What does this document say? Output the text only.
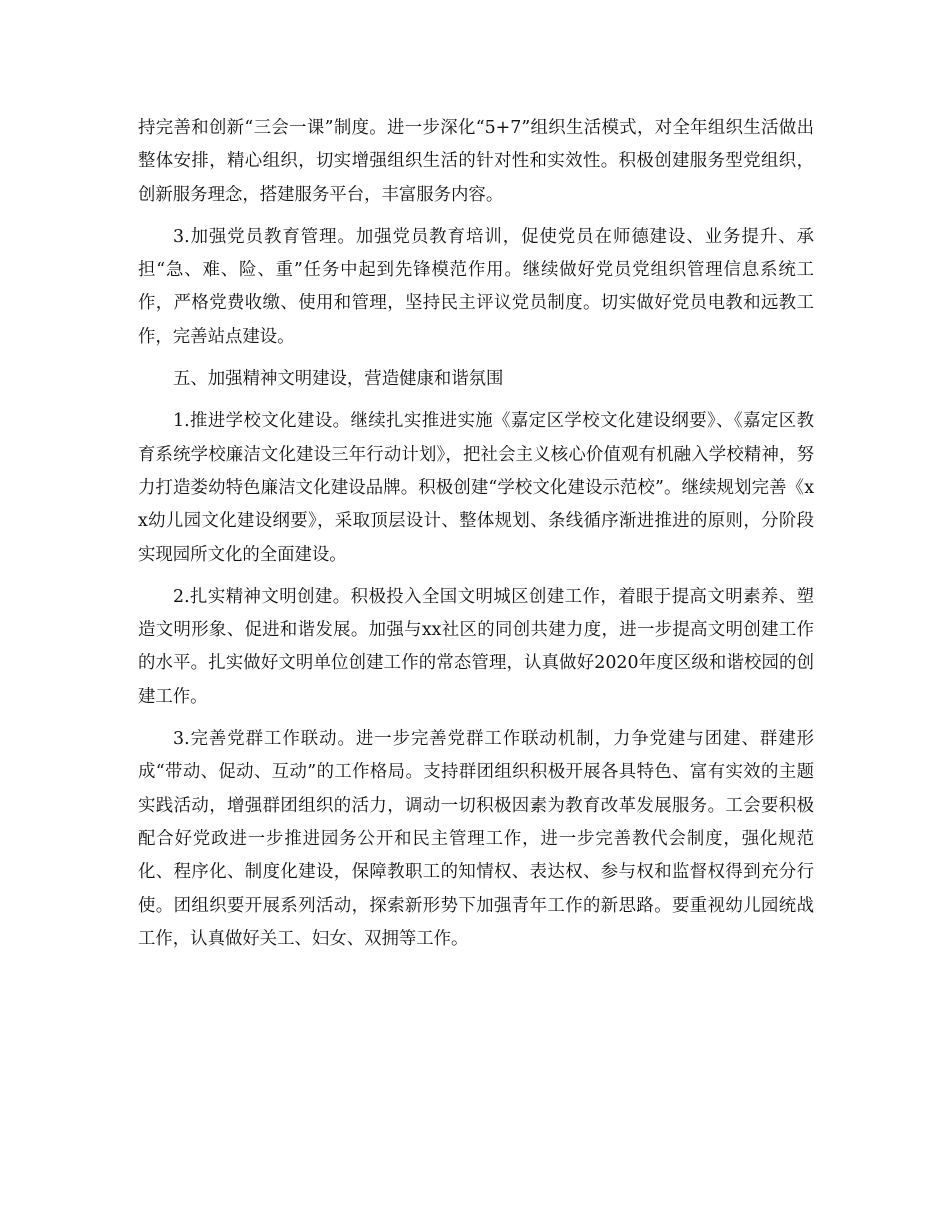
持完善和创新“三会一课”制度。进一步深化“5+7”组织生活模式，对全年组织生活做出整体安排，精心组织，切实增强组织生活的针对性和实效性。积极创建服务型党组织，创新服务理念，搭建服务平台，丰富服务内容。

3.加强党员教育管理。加强党员教育培训，促使党员在师德建设、业务提升、承担“急、难、险、重”任务中起到先锋模范作用。继续做好党员党组织管理信息系统工作，严格党费收缴、使用和管理，坚持民主评议党员制度。切实做好党员电教和远教工作，完善站点建设。

五、加强精神文明建设，营造健康和谐氛围

1.推进学校文化建设。继续扎实推进实施《嘉定区学校文化建设纲要》、《嘉定区教育系统学校廉洁文化建设三年行动计划》，把社会主义核心价值观有机融入学校精神，努力打造娄幼特色廉洁文化建设品牌。积极创建“学校文化建设示范校”。继续规划完善《xx幼儿园文化建设纲要》，采取顶层设计、整体规划、条线循序渐进推进的原则，分阶段实现园所文化的全面建设。

2.扎实精神文明创建。积极投入全国文明城区创建工作，着眼于提高文明素养、塑造文明形象、促进和谐发展。加强与xx社区的同创共建力度，进一步提高文明创建工作的水平。扎实做好文明单位创建工作的常态管理，认真做好2020年度区级和谐校园的创建工作。

3.完善党群工作联动。进一步完善党群工作联动机制，力争党建与团建、群建形成“带动、促动、互动”的工作格局。支持群团组织积极开展各具特色、富有实效的主题实践活动，增强群团组织的活力，调动一切积极因素为教育改革发展服务。工会要积极配合好党政进一步推进园务公开和民主管理工作，进一步完善教代会制度，强化规范化、程序化、制度化建设，保障教职工的知情权、表达权、参与权和监督权得到充分行使。团组织要开展系列活动，探索新形势下加强青年工作的新思路。要重视幼儿园统战工作，认真做好关工、妇女、双拥等工作。
